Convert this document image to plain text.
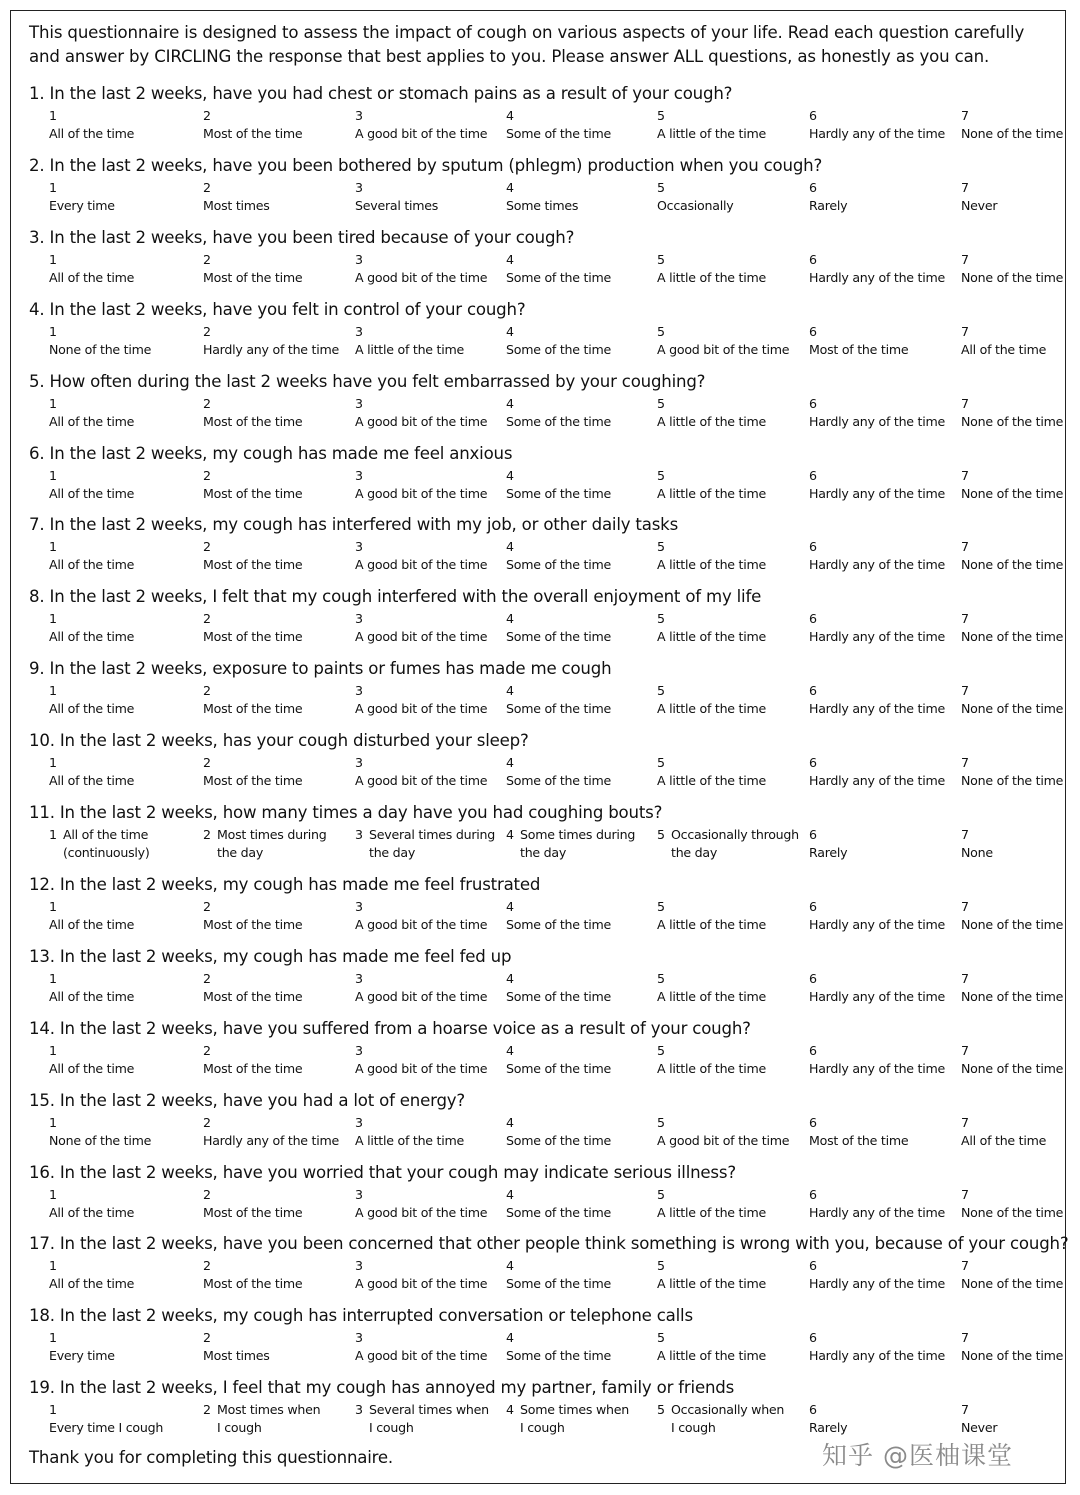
This questionnaire is designed to assess the impact of cough on various aspects of your life. Read each question carefully and answer by CIRCLING the response that best applies to you. Please answer ALL questions, as honestly as you can.
1. In the last 2 weeks, have you had chest or stomach pains as a result of your cough?
1
All of the time
2
Most of the time
3
A good bit of the time
4
Some of the time
5
A little of the time
6
Hardly any of the time
7
None of the time
2. In the last 2 weeks, have you been bothered by sputum (phlegm) production when you cough?
1
Every time
2
Most times
3
Several times
4
Some times
5
Occasionally
6
Rarely
7
Never
3. In the last 2 weeks, have you been tired because of your cough?
1
All of the time
2
Most of the time
3
A good bit of the time
4
Some of the time
5
A little of the time
6
Hardly any of the time
7
None of the time
4. In the last 2 weeks, have you felt in control of your cough?
1
None of the time
2
Hardly any of the time
3
A little of the time
4
Some of the time
5
A good bit of the time
6
Most of the time
7
All of the time
5. How often during the last 2 weeks have you felt embarrassed by your coughing?
1
All of the time
2
Most of the time
3
A good bit of the time
4
Some of the time
5
A little of the time
6
Hardly any of the time
7
None of the time
6. In the last 2 weeks, my cough has made me feel anxious
1
All of the time
2
Most of the time
3
A good bit of the time
4
Some of the time
5
A little of the time
6
Hardly any of the time
7
None of the time
7. In the last 2 weeks, my cough has interfered with my job, or other daily tasks
1
All of the time
2
Most of the time
3
A good bit of the time
4
Some of the time
5
A little of the time
6
Hardly any of the time
7
None of the time
8. In the last 2 weeks, I felt that my cough interfered with the overall enjoyment of my life
1
All of the time
2
Most of the time
3
A good bit of the time
4
Some of the time
5
A little of the time
6
Hardly any of the time
7
None of the time
9. In the last 2 weeks, exposure to paints or fumes has made me cough
1
All of the time
2
Most of the time
3
A good bit of the time
4
Some of the time
5
A little of the time
6
Hardly any of the time
7
None of the time
10. In the last 2 weeks, has your cough disturbed your sleep?
1
All of the time
2
Most of the time
3
A good bit of the time
4
Some of the time
5
A little of the time
6
Hardly any of the time
7
None of the time
11. In the last 2 weeks, how many times a day have you had coughing bouts?
1 All of the time
(continuously)
2 Most times during
the day
3 Several times during
the day
4 Some times during
the day
5 Occasionally through
the day
6
Rarely
7
None
12. In the last 2 weeks, my cough has made me feel frustrated
1
All of the time
2
Most of the time
3
A good bit of the time
4
Some of the time
5
A little of the time
6
Hardly any of the time
7
None of the time
13. In the last 2 weeks, my cough has made me feel fed up
1
All of the time
2
Most of the time
3
A good bit of the time
4
Some of the time
5
A little of the time
6
Hardly any of the time
7
None of the time
14. In the last 2 weeks, have you suffered from a hoarse voice as a result of your cough?
1
All of the time
2
Most of the time
3
A good bit of the time
4
Some of the time
5
A little of the time
6
Hardly any of the time
7
None of the time
15. In the last 2 weeks, have you had a lot of energy?
1
None of the time
2
Hardly any of the time
3
A little of the time
4
Some of the time
5
A good bit of the time
6
Most of the time
7
All of the time
16. In the last 2 weeks, have you worried that your cough may indicate serious illness?
1
All of the time
2
Most of the time
3
A good bit of the time
4
Some of the time
5
A little of the time
6
Hardly any of the time
7
None of the time
17. In the last 2 weeks, have you been concerned that other people think something is wrong with you, because of your cough?
1
All of the time
2
Most of the time
3
A good bit of the time
4
Some of the time
5
A little of the time
6
Hardly any of the time
7
None of the time
18. In the last 2 weeks, my cough has interrupted conversation or telephone calls
1
Every time
2
Most times
3
A good bit of the time
4
Some of the time
5
A little of the time
6
Hardly any of the time
7
None of the time
19. In the last 2 weeks, I feel that my cough has annoyed my partner, family or friends
1
Every time I cough
2 Most times when
I cough
3 Several times when
I cough
4 Some times when
I cough
5 Occasionally when
I cough
6
Rarely
7
Never
Thank you for completing this questionnaire.	知乎 @医柚课堂
